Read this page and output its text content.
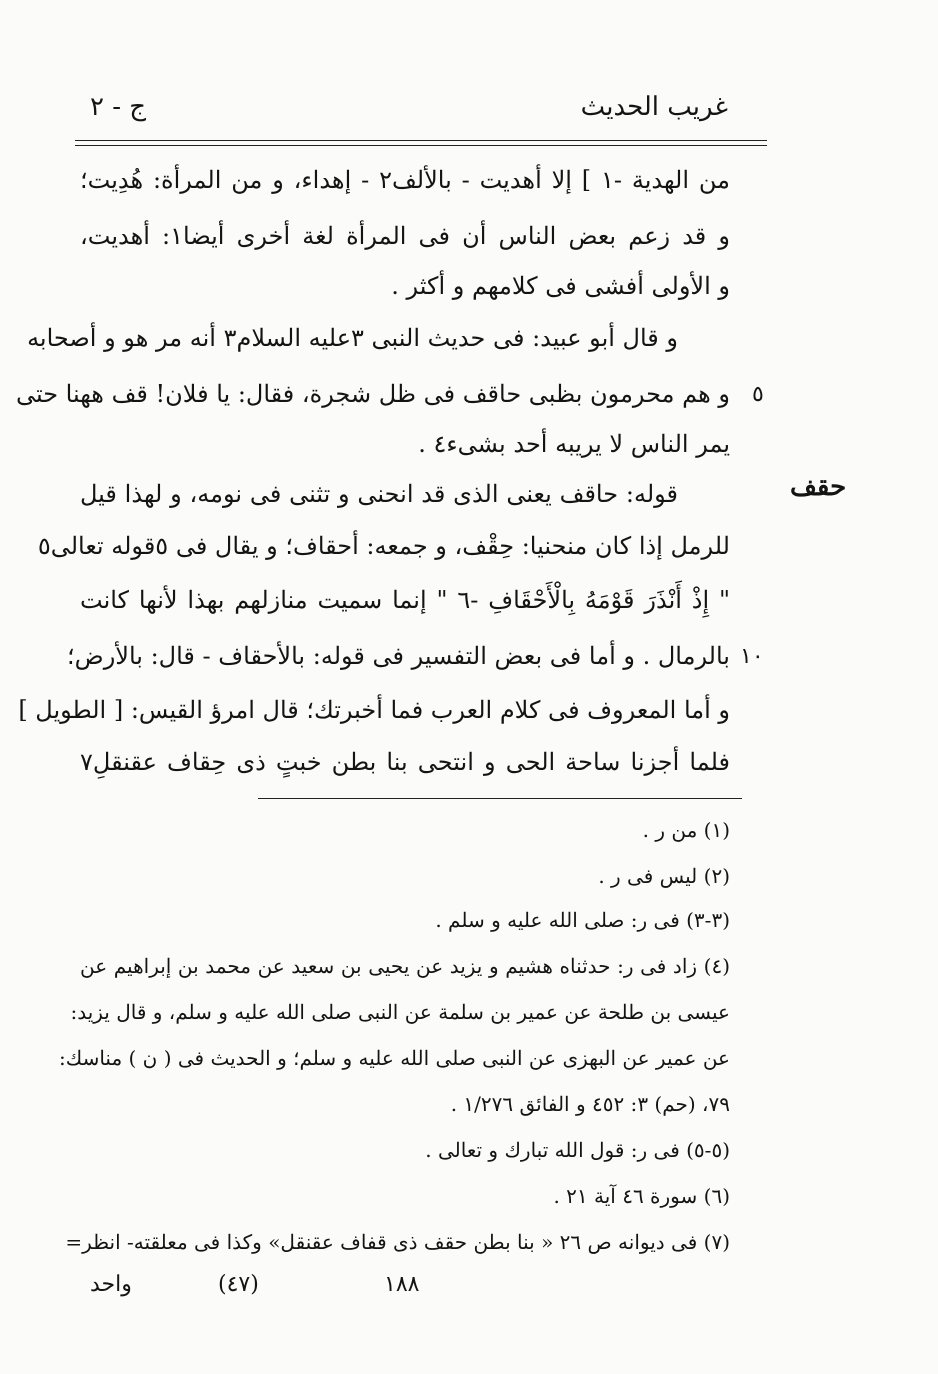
غريب الحديث
ج - ٢
من الهدية -١ ] إلا أهديت - بالألف٢ - إهداء، و من المرأة: هُدِيت؛
و قد زعم بعض الناس أن فى المرأة لغة أخرى أيضا١: أهديت،
و الأولى أفشى فى كلامهم و أكثر .
و قال أبو عبيد: فى حديث النبى ٣عليه السلام٣ أنه مر هو و أصحابه
و هم محرمون بظبى حاقف فى ظل شجرة، فقال: يا فلان! قف ههنا حتى
يمر الناس لا يريبه أحد بشىء٤ .
قوله: حاقف يعنى الذى قد انحنى و تثنى فى نومه، و لهذا قيل
للرمل إذا كان منحنيا: حِقْف، و جمعه: أحقاف؛ و يقال فى ٥قوله تعالى٥
" إِذْ أَنْذَرَ قَوْمَهُ بِالْأَحْقَافِ -٦ " إنما سميت منازلهم بهذا لأنها كانت
بالرمال . و أما فى بعض التفسير فى قوله: بالأحقاف - قال: بالأرض؛
و أما المعروف فى كلام العرب فما أخبرتك؛ قال امرؤ القيس: [ الطويل ]
فلما أجزنا ساحة الحى و انتحى بنا بطن خبتٍ ذى حِقاف عقنقلِ٧
٥
١٠
حقف
(١) من ر .
(٢) ليس فى ر .
(٣-٣) فى ر: صلى الله عليه و سلم .
(٤) زاد فى ر: حدثناه هشيم و يزيد عن يحيى بن سعيد عن محمد بن إبراهيم عن
عيسى بن طلحة عن عمير بن سلمة عن النبى صلى الله عليه و سلم، و قال يزيد:
عن عمير عن البهزى عن النبى صلى الله عليه و سلم؛ و الحديث فى ( ن ) مناسك:
٧٩، (حم) ٣: ٤٥٢ و الفائق ١/٢٧٦ .
(٥-٥) فى ر: قول الله تبارك و تعالى .
(٦) سورة ٤٦ آية ٢١ .
(٧) فى ديوانه ص ٢٦ « بنا بطن حقف ذى قفاف عقنقل» وكذا فى معلقته- انظر=
واحد	(٤٧)	١٨٨
